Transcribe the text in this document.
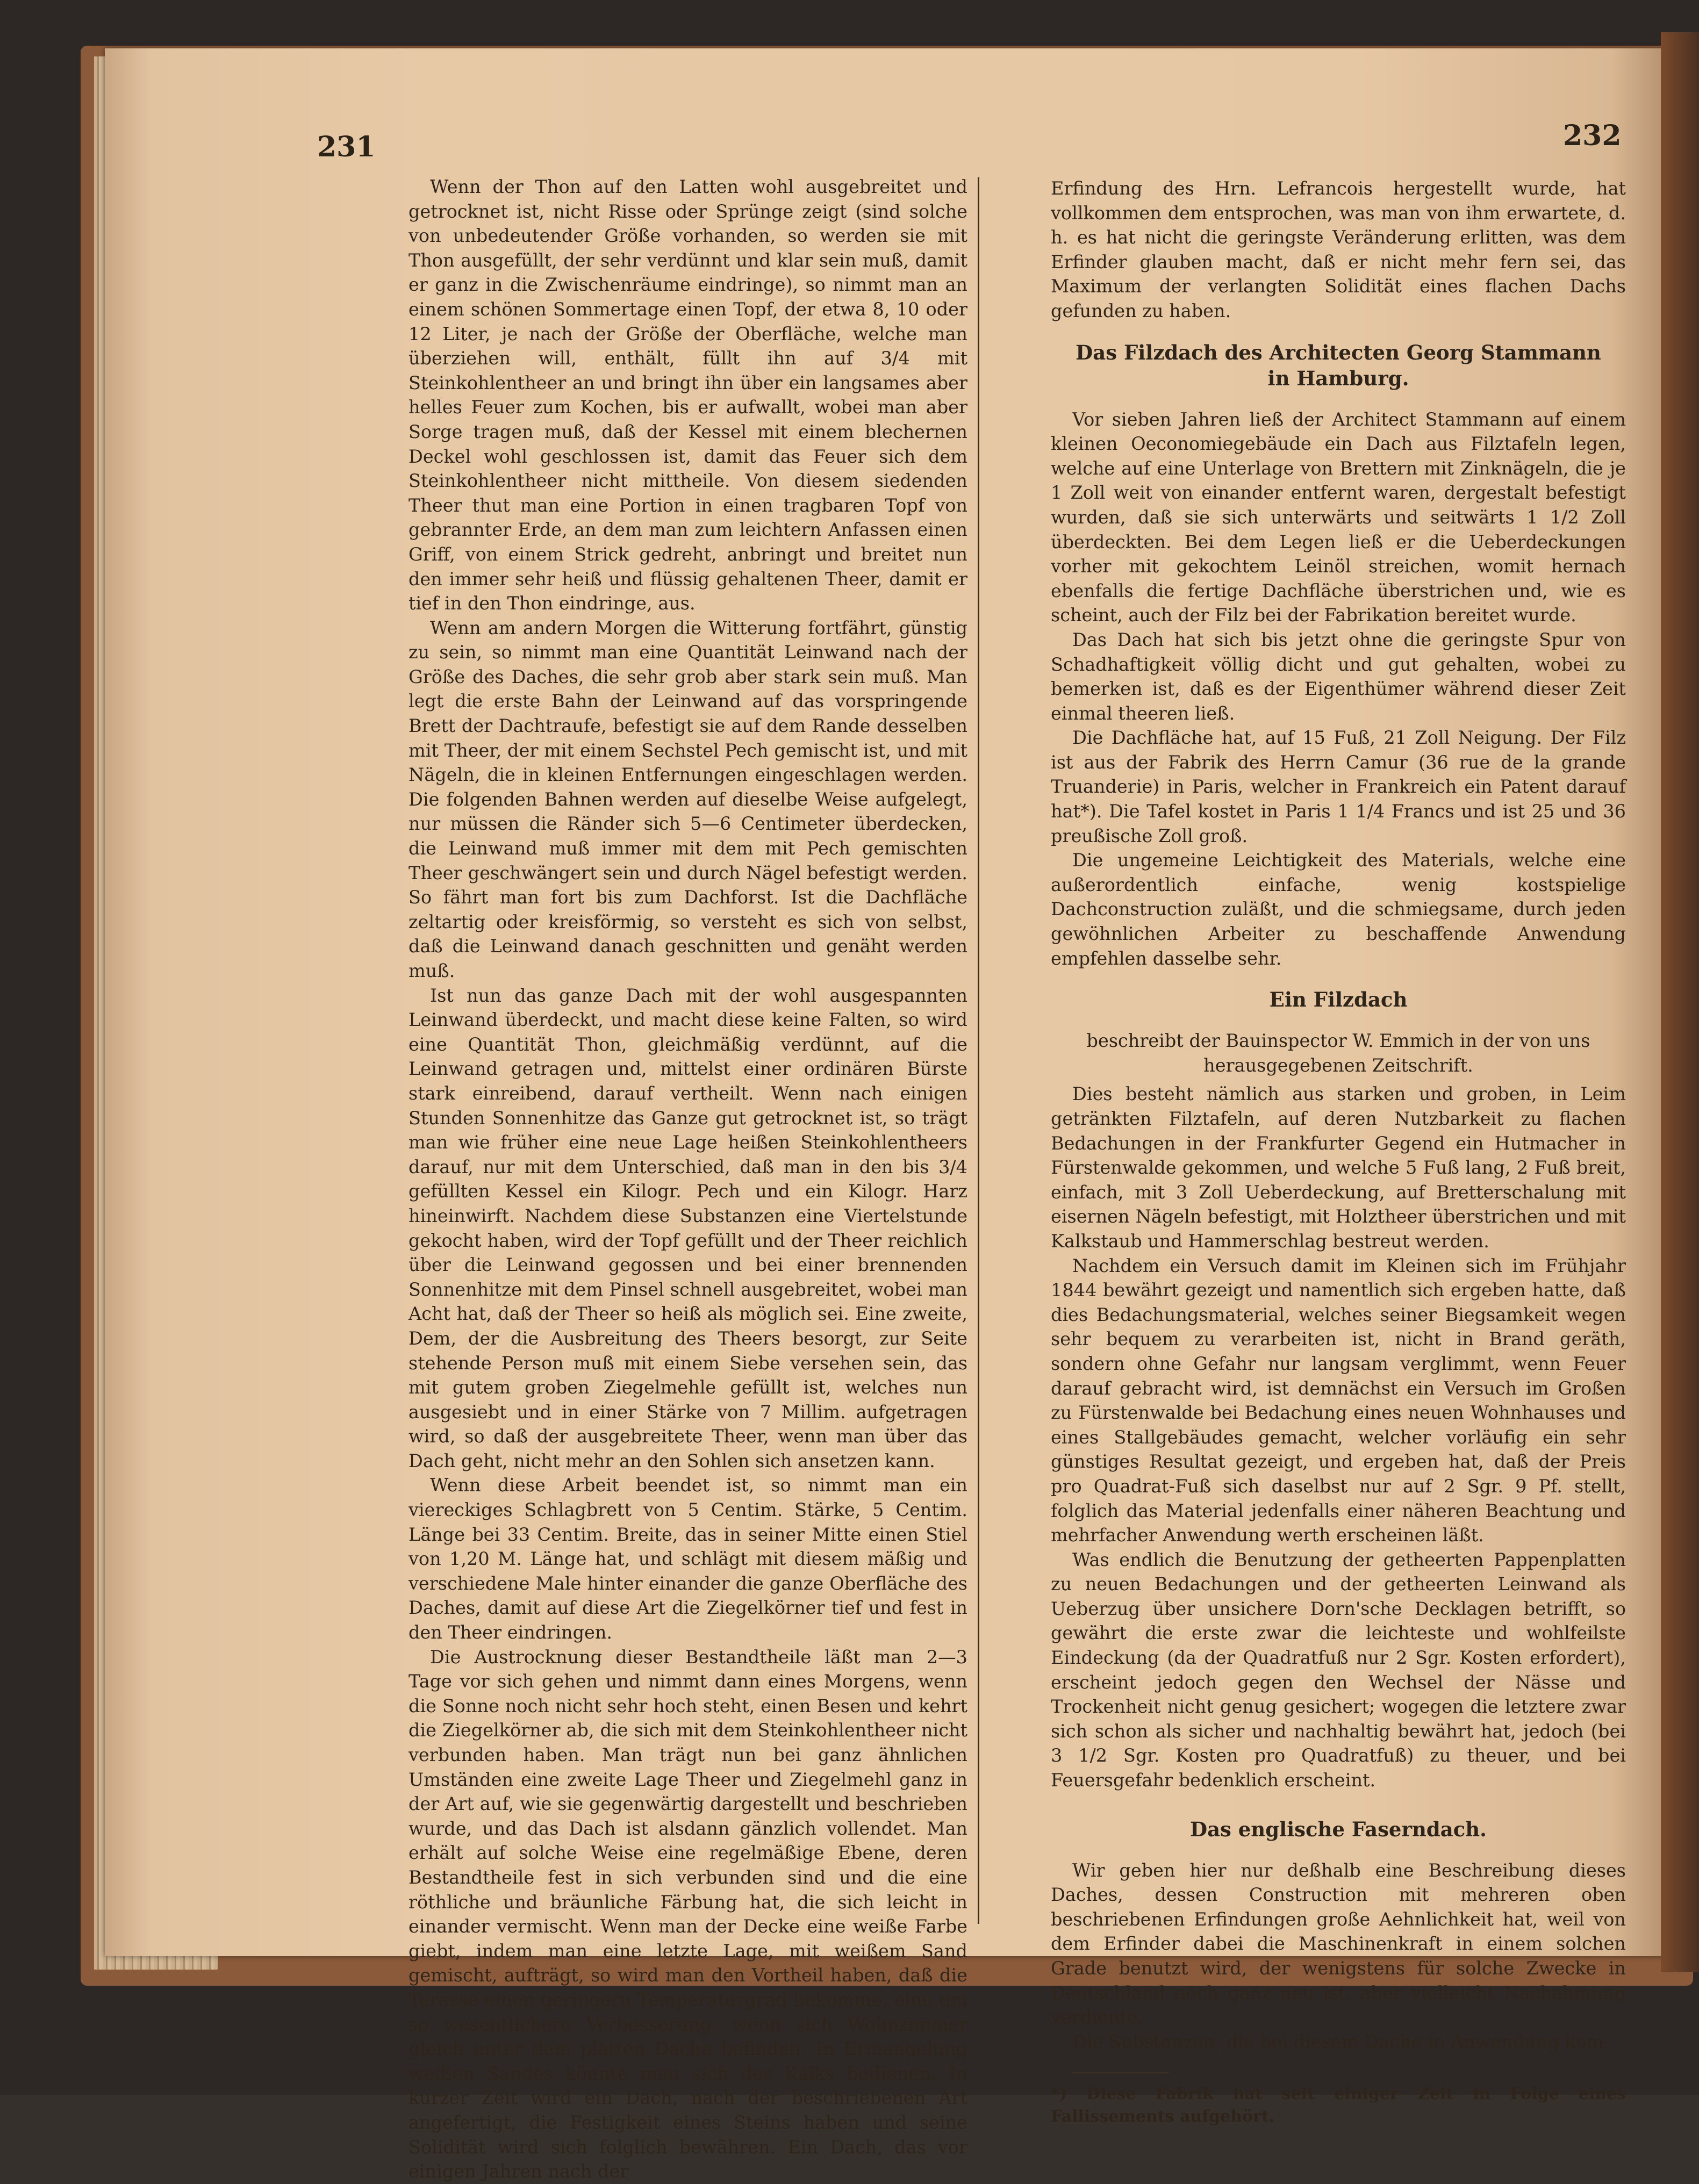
231	232

Wenn der Thon auf den Latten wohl ausgebreitet und getrocknet ist, nicht Risse oder Sprünge zeigt (sind solche von unbedeutender Größe vorhanden, so werden sie mit Thon ausgefüllt, der sehr verdünnt und klar sein muß, damit er ganz in die Zwischenräume eindringe), so nimmt man an einem schönen Sommertage einen Topf, der etwa 8, 10 oder 12 Liter, je nach der Größe der Oberfläche, welche man überziehen will, enthält, füllt ihn auf 3/4 mit Steinkohlentheer an und bringt ihn über ein langsames aber helles Feuer zum Kochen, bis er aufwallt, wobei man aber Sorge tragen muß, daß der Kessel mit einem blechernen Deckel wohl geschlossen ist, damit das Feuer sich dem Steinkohlentheer nicht mittheile. Von diesem siedenden Theer thut man eine Portion in einen tragbaren Topf von gebrannter Erde, an dem man zum leichtern Anfassen einen Griff, von einem Strick gedreht, anbringt und breitet nun den immer sehr heiß und flüssig gehaltenen Theer, damit er tief in den Thon eindringe, aus.

Wenn am andern Morgen die Witterung fortfährt, günstig zu sein, so nimmt man eine Quantität Leinwand nach der Größe des Daches, die sehr grob aber stark sein muß. Man legt die erste Bahn der Leinwand auf das vorspringende Brett der Dachtraufe, befestigt sie auf dem Rande desselben mit Theer, der mit einem Sechstel Pech gemischt ist, und mit Nägeln, die in kleinen Entfernungen eingeschlagen werden. Die folgenden Bahnen werden auf dieselbe Weise aufgelegt, nur müssen die Ränder sich 5—6 Centimeter überdecken, die Leinwand muß immer mit dem mit Pech gemischten Theer geschwängert sein und durch Nägel befestigt werden. So fährt man fort bis zum Dachforst. Ist die Dachfläche zeltartig oder kreisförmig, so versteht es sich von selbst, daß die Leinwand danach geschnitten und genäht werden muß.

Ist nun das ganze Dach mit der wohl ausgespannten Leinwand überdeckt, und macht diese keine Falten, so wird eine Quantität Thon, gleichmäßig verdünnt, auf die Leinwand getragen und, mittelst einer ordinären Bürste stark einreibend, darauf vertheilt. Wenn nach einigen Stunden Sonnenhitze das Ganze gut getrocknet ist, so trägt man wie früher eine neue Lage heißen Steinkohlentheers darauf, nur mit dem Unterschied, daß man in den bis 3/4 gefüllten Kessel ein Kilogr. Pech und ein Kilogr. Harz hineinwirft. Nachdem diese Substanzen eine Viertelstunde gekocht haben, wird der Topf gefüllt und der Theer reichlich über die Leinwand gegossen und bei einer brennenden Sonnenhitze mit dem Pinsel schnell ausgebreitet, wobei man Acht hat, daß der Theer so heiß als möglich sei. Eine zweite, Dem, der die Ausbreitung des Theers besorgt, zur Seite stehende Person muß mit einem Siebe versehen sein, das mit gutem groben Ziegelmehle gefüllt ist, welches nun ausgesiebt und in einer Stärke von 7 Millim. aufgetragen wird, so daß der ausgebreitete Theer, wenn man über das Dach geht, nicht mehr an den Sohlen sich ansetzen kann.

Wenn diese Arbeit beendet ist, so nimmt man ein viereckiges Schlagbrett von 5 Centim. Stärke, 5 Centim. Länge bei 33 Centim. Breite, das in seiner Mitte einen Stiel von 1,20 M. Länge hat, und schlägt mit diesem mäßig und verschiedene Male hinter einander die ganze Oberfläche des Daches, damit auf diese Art die Ziegelkörner tief und fest in den Theer eindringen.

Die Austrocknung dieser Bestandtheile läßt man 2—3 Tage vor sich gehen und nimmt dann eines Morgens, wenn die Sonne noch nicht sehr hoch steht, einen Besen und kehrt die Ziegelkörner ab, die sich mit dem Steinkohlentheer nicht verbunden haben. Man trägt nun bei ganz ähnlichen Umständen eine zweite Lage Theer und Ziegelmehl ganz in der Art auf, wie sie gegenwärtig dargestellt und beschrieben wurde, und das Dach ist alsdann gänzlich vollendet. Man erhält auf solche Weise eine regelmäßige Ebene, deren Bestandtheile fest in sich verbunden sind und die eine röthliche und bräunliche Färbung hat, die sich leicht in einander vermischt. Wenn man der Decke eine weiße Farbe giebt, indem man eine letzte Lage, mit weißem Sand gemischt, aufträgt, so wird man den Vortheil haben, daß die Terasse einen geringern Temperaturgrad bekomme, eine um so wesentlichere Verbesserung, wenn sich Wohnzimmer gleich unter dem platten Dache befinden. In Ermangelung weißen Sandes könnte man sich des Kalks bedienen. In kurzer Zeit wird ein Dach, nach der beschriebenen Art angefertigt, die Festigkeit eines Steins haben und seine Solidität wird sich folglich bewähren. Ein Dach, das vor einigen Jahren nach der

Erfindung des Hrn. Lefrancois hergestellt wurde, hat vollkommen dem entsprochen, was man von ihm erwartete, d. h. es hat nicht die geringste Veränderung erlitten, was dem Erfinder glauben macht, daß er nicht mehr fern sei, das Maximum der verlangten Solidität eines flachen Dachs gefunden zu haben.

Das Filzdach des Architecten Georg Stammann
in Hamburg.

Vor sieben Jahren ließ der Architect Stammann auf einem kleinen Oeconomiegebäude ein Dach aus Filztafeln legen, welche auf eine Unterlage von Brettern mit Zinknägeln, die je 1 Zoll weit von einander entfernt waren, dergestalt befestigt wurden, daß sie sich unterwärts und seitwärts 1 1/2 Zoll überdeckten. Bei dem Legen ließ er die Ueberdeckungen vorher mit gekochtem Leinöl streichen, womit hernach ebenfalls die fertige Dachfläche überstrichen und, wie es scheint, auch der Filz bei der Fabrikation bereitet wurde.

Das Dach hat sich bis jetzt ohne die geringste Spur von Schadhaftigkeit völlig dicht und gut gehalten, wobei zu bemerken ist, daß es der Eigenthümer während dieser Zeit einmal theeren ließ.

Die Dachfläche hat, auf 15 Fuß, 21 Zoll Neigung. Der Filz ist aus der Fabrik des Herrn Camur (36 rue de la grande Truanderie) in Paris, welcher in Frankreich ein Patent darauf hat*). Die Tafel kostet in Paris 1 1/4 Francs und ist 25 und 36 preußische Zoll groß.

Die ungemeine Leichtigkeit des Materials, welche eine außerordentlich einfache, wenig kostspielige Dachconstruction zuläßt, und die schmiegsame, durch jeden gewöhnlichen Arbeiter zu beschaffende Anwendung empfehlen dasselbe sehr.

Ein Filzdach

beschreibt der Bauinspector W. Emmich in der von uns herausgegebenen Zeitschrift.

Dies besteht nämlich aus starken und groben, in Leim getränkten Filztafeln, auf deren Nutzbarkeit zu flachen Bedachungen in der Frankfurter Gegend ein Hutmacher in Fürstenwalde gekommen, und welche 5 Fuß lang, 2 Fuß breit, einfach, mit 3 Zoll Ueberdeckung, auf Bretterschalung mit eisernen Nägeln befestigt, mit Holztheer überstrichen und mit Kalkstaub und Hammerschlag bestreut werden.

Nachdem ein Versuch damit im Kleinen sich im Frühjahr 1844 bewährt gezeigt und namentlich sich ergeben hatte, daß dies Bedachungsmaterial, welches seiner Biegsamkeit wegen sehr bequem zu verarbeiten ist, nicht in Brand geräth, sondern ohne Gefahr nur langsam verglimmt, wenn Feuer darauf gebracht wird, ist demnächst ein Versuch im Großen zu Fürstenwalde bei Bedachung eines neuen Wohnhauses und eines Stallgebäudes gemacht, welcher vorläufig ein sehr günstiges Resultat gezeigt, und ergeben hat, daß der Preis pro Quadrat-Fuß sich daselbst nur auf 2 Sgr. 9 Pf. stellt, folglich das Material jedenfalls einer näheren Beachtung und mehrfacher Anwendung werth erscheinen läßt.

Was endlich die Benutzung der getheerten Pappenplatten zu neuen Bedachungen und der getheerten Leinwand als Ueberzug über unsichere Dorn'sche Decklagen betrifft, so gewährt die erste zwar die leichteste und wohlfeilste Eindeckung (da der Quadratfuß nur 2 Sgr. Kosten erfordert), erscheint jedoch gegen den Wechsel der Nässe und Trockenheit nicht genug gesichert; wogegen die letztere zwar sich schon als sicher und nachhaltig bewährt hat, jedoch (bei 3 1/2 Sgr. Kosten pro Quadratfuß) zu theuer, und bei Feuersgefahr bedenklich erscheint.

Das englische Faserndach.

Wir geben hier nur deßhalb eine Beschreibung dieses Daches, dessen Construction mit mehreren oben beschriebenen Erfindungen große Aehnlichkeit hat, weil von dem Erfinder dabei die Maschinenkraft in einem solchen Grade benutzt wird, der wenigstens für solche Zwecke in Deutschland noch ganz neu ist, aber vielleicht Nachahmung verdiente.

Die Substanzen, die bei diesem Dache in Anwendung kom-

*) Diese Fabrik hat seit einiger Zeit in Folge eines Fallissements aufgehört.
